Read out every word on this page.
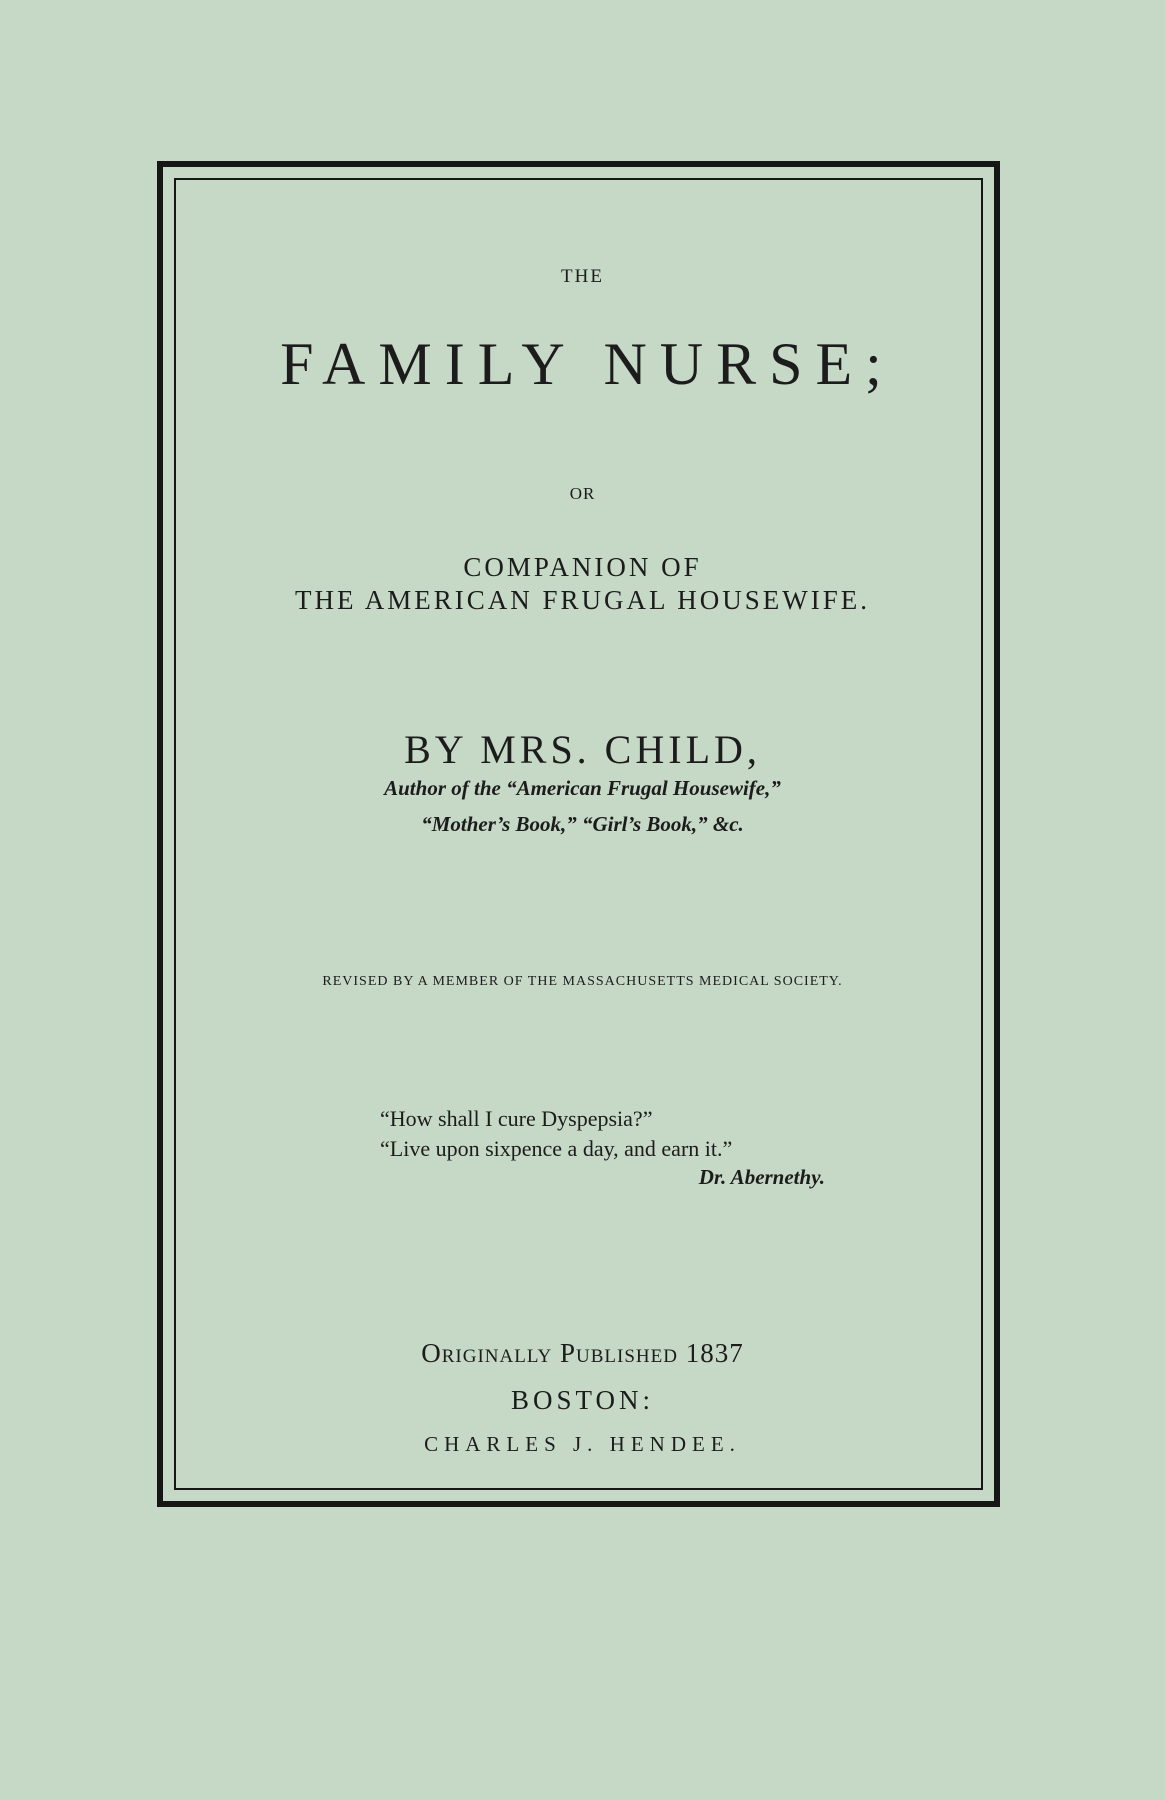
THE
FAMILY NURSE;
OR
COMPANION OF
THE AMERICAN FRUGAL HOUSEWIFE.
BY MRS. CHILD,
Author of the “American Frugal Housewife,”
“Mother’s Book,” “Girl’s Book,” &c.
REVISED BY A MEMBER OF THE MASSACHUSETTS MEDICAL SOCIETY.
“How shall I cure Dyspepsia?”
“Live upon sixpence a day, and earn it.”
Dr. Abernethy.
Originally Published 1837
BOSTON:
CHARLES J. HENDEE.
